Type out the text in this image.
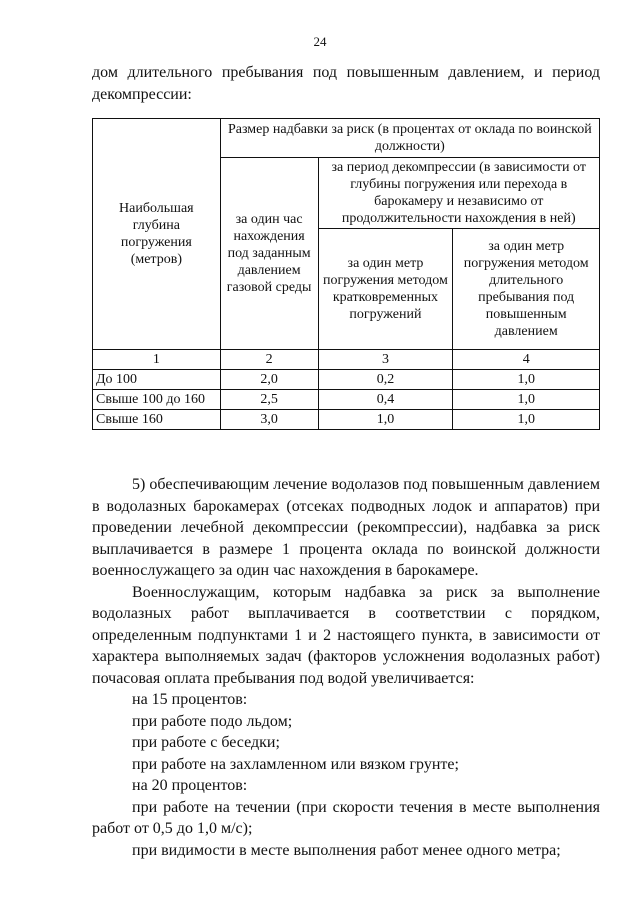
24

дом длительного пребывания под повышенным давлением, и период декомпрессии:

Наибольшая глубина погружения (метров)	Размер надбавки за риск (в процентах от оклада по воинской должности)		
	за один час нахождения под заданным давлением газовой среды	за период декомпрессии (в зависимости от глубины погружения или перехода в барокамеру и независимо от продолжительности нахождения в ней)	
		за один метр погружения методом кратковременных погружений	за один метр погружения методом длительного пребывания под повышенным давлением
1	2	3	4
До 100	2,0	0,2	1,0
Свыше 100 до 160	2,5	0,4	1,0
Свыше 160	3,0	1,0	1,0

5) обеспечивающим лечение водолазов под повышенным давлением в водолазных барокамерах (отсеках подводных лодок и аппаратов) при проведении лечебной декомпрессии (рекомпрессии), надбавка за риск выплачивается в размере 1 процента оклада по воинской должности военнослужащего за один час нахождения в барокамере.

Военнослужащим, которым надбавка за риск за выполнение водолазных работ выплачивается в соответствии с порядком, определенным подпунктами 1 и 2 настоящего пункта, в зависимости от характера выполняемых задач (факторов усложнения водолазных работ) почасовая оплата пребывания под водой увеличивается:

на 15 процентов:

при работе подо льдом;

при работе с беседки;

при работе на захламленном или вязком грунте;

на 20 процентов:

при работе на течении (при скорости течения в месте выполнения работ от 0,5 до 1,0 м/с);

при видимости в месте выполнения работ менее одного метра;
